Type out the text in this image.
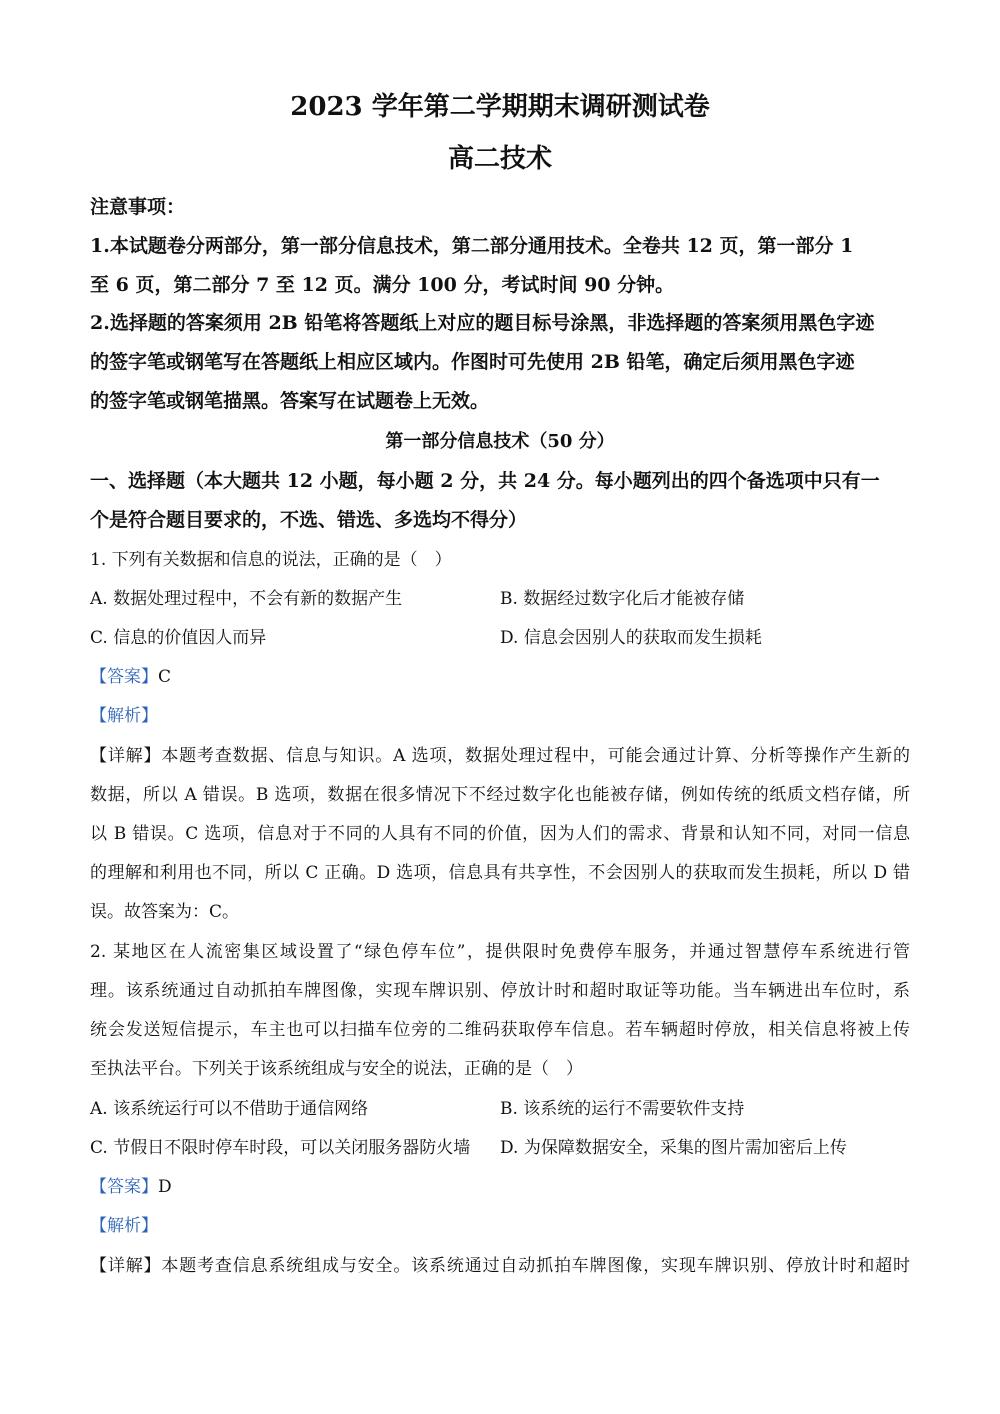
2023 学年第二学期期末调研测试卷
高二技术
注意事项：
1.本试题卷分两部分，第一部分信息技术，第二部分通用技术。全卷共 12 页，第一部分 1
至 6 页，第二部分 7 至 12 页。满分 100 分，考试时间 90 分钟。
2.选择题的答案须用 2B 铅笔将答题纸上对应的题目标号涂黑，非选择题的答案须用黑色字迹
的签字笔或钢笔写在答题纸上相应区域内。作图时可先使用 2B 铅笔，确定后须用黑色字迹
的签字笔或钢笔描黑。答案写在试题卷上无效。
第一部分信息技术（50 分）
一、选择题（本大题共 12 小题，每小题 2 分，共 24 分。每小题列出的四个备选项中只有一
个是符合题目要求的，不选、错选、多选均不得分）
1. 下列有关数据和信息的说法，正确的是（　）
A. 数据处理过程中，不会有新的数据产生	B. 数据经过数字化后才能被存储
C. 信息的价值因人而异	D. 信息会因别人的获取而发生损耗
【答案】C
【解析】
【详解】本题考查数据、信息与知识。A 选项，数据处理过程中，可能会通过计算、分析等操作产生新的
数据，所以 A 错误。B 选项，数据在很多情况下不经过数字化也能被存储，例如传统的纸质文档存储，所
以 B 错误。C 选项，信息对于不同的人具有不同的价值，因为人们的需求、背景和认知不同，对同一信息
的理解和利用也不同，所以 C 正确。D 选项，信息具有共享性，不会因别人的获取而发生损耗，所以 D 错
误。故答案为：C。
2. 某地区在人流密集区域设置了“绿色停车位”，提供限时免费停车服务，并通过智慧停车系统进行管
理。该系统通过自动抓拍车牌图像，实现车牌识别、停放计时和超时取证等功能。当车辆进出车位时，系
统会发送短信提示，车主也可以扫描车位旁的二维码获取停车信息。若车辆超时停放，相关信息将被上传
至执法平台。下列关于该系统组成与安全的说法，正确的是（　）
A. 该系统运行可以不借助于通信网络	B. 该系统的运行不需要软件支持
C. 节假日不限时停车时段，可以关闭服务器防火墙 D. 为保障数据安全，采集的图片需加密后上传
【答案】D
【解析】
【详解】本题考查信息系统组成与安全。该系统通过自动抓拍车牌图像，实现车牌识别、停放计时和超时
